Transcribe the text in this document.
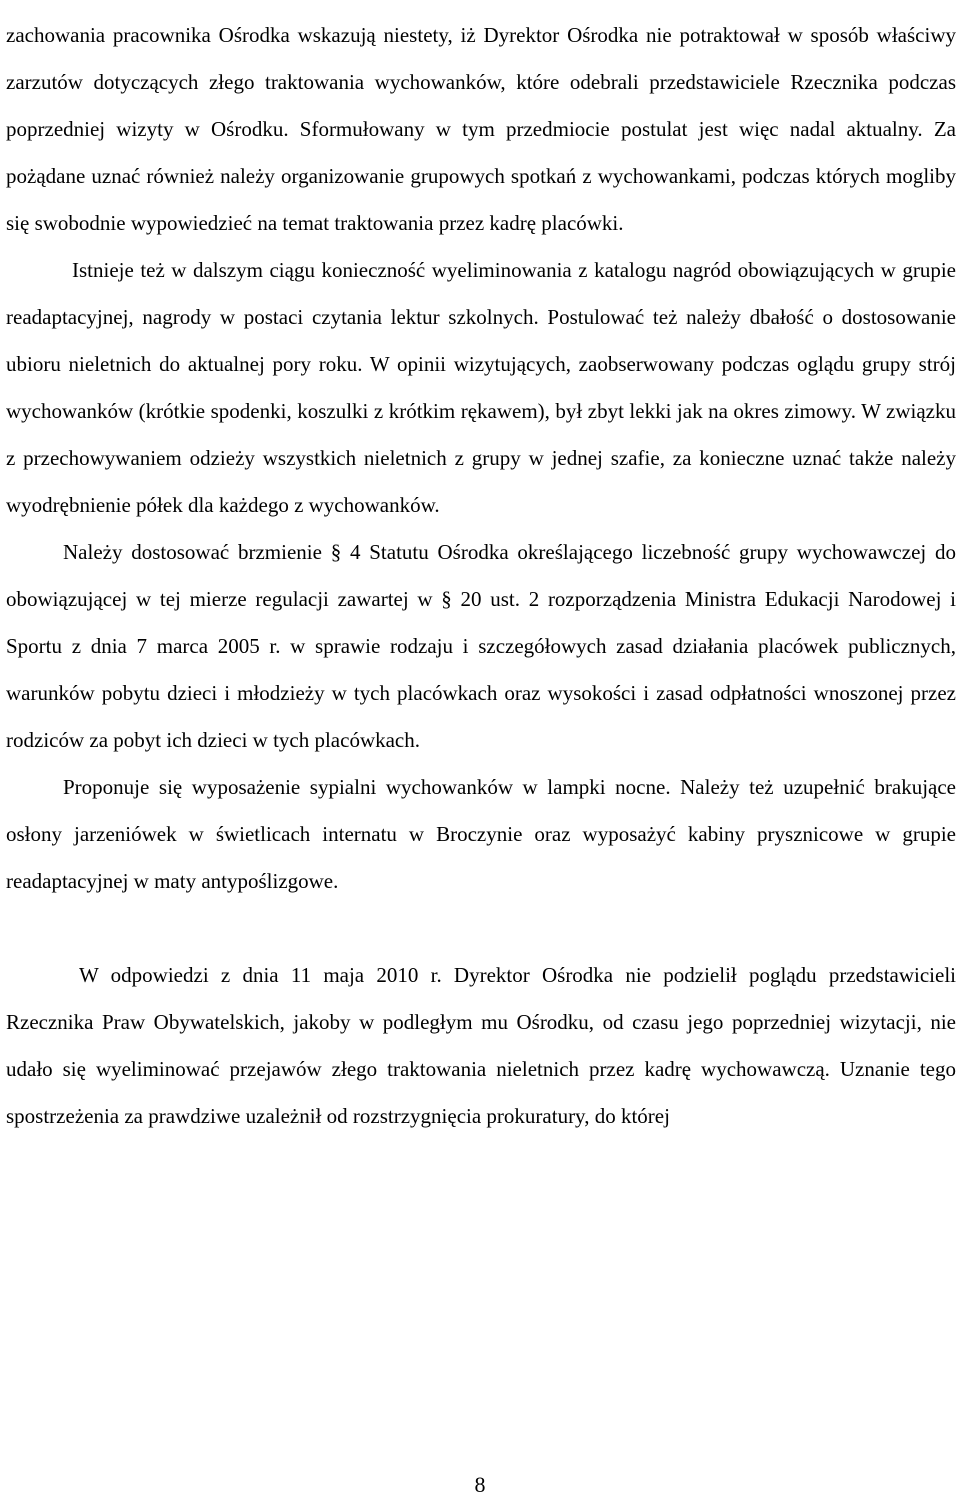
zachowania pracownika Ośrodka wskazują niestety, iż Dyrektor Ośrodka nie potraktował w sposób właściwy zarzutów dotyczących złego traktowania wychowanków, które odebrali przedstawiciele Rzecznika podczas poprzedniej wizyty w Ośrodku. Sformułowany w tym przedmiocie postulat jest więc nadal aktualny. Za pożądane uznać również należy organizowanie grupowych spotkań z wychowankami, podczas których mogliby się swobodnie wypowiedzieć na temat traktowania przez kadrę placówki.

Istnieje też w dalszym ciągu konieczność wyeliminowania z katalogu nagród obowiązujących w grupie readaptacyjnej, nagrody w postaci czytania lektur szkolnych. Postulować też należy dbałość o dostosowanie ubioru nieletnich do aktualnej pory roku. W opinii wizytujących, zaobserwowany podczas oglądu grupy strój wychowanków (krótkie spodenki, koszulki z krótkim rękawem), był zbyt lekki jak na okres zimowy. W związku z przechowywaniem odzieży wszystkich nieletnich z grupy w jednej szafie, za konieczne uznać także należy wyodrębnienie półek dla każdego z wychowanków.

Należy dostosować brzmienie § 4 Statutu Ośrodka określającego liczebność grupy wychowawczej do obowiązującej w tej mierze regulacji zawartej w § 20 ust. 2 rozporządzenia Ministra Edukacji Narodowej i Sportu z dnia 7 marca 2005 r. w sprawie rodzaju i szczegółowych zasad działania placówek publicznych, warunków pobytu dzieci i młodzieży w tych placówkach oraz wysokości i zasad odpłatności wnoszonej przez rodziców za pobyt ich dzieci w tych placówkach.

Proponuje się wyposażenie sypialni wychowanków w lampki nocne. Należy też uzupełnić brakujące osłony jarzeniówek w świetlicach internatu w Broczynie oraz wyposażyć kabiny prysznicowe w grupie readaptacyjnej w maty antypoślizgowe.

W odpowiedzi z dnia 11 maja 2010 r. Dyrektor Ośrodka nie podzielił poglądu przedstawicieli Rzecznika Praw Obywatelskich, jakoby w podległym mu Ośrodku, od czasu jego poprzedniej wizytacji, nie udało się wyeliminować przejawów złego traktowania nieletnich przez kadrę wychowawczą. Uznanie tego spostrzeżenia za prawdziwe uzależnił od rozstrzygnięcia prokuratury, do której

8
